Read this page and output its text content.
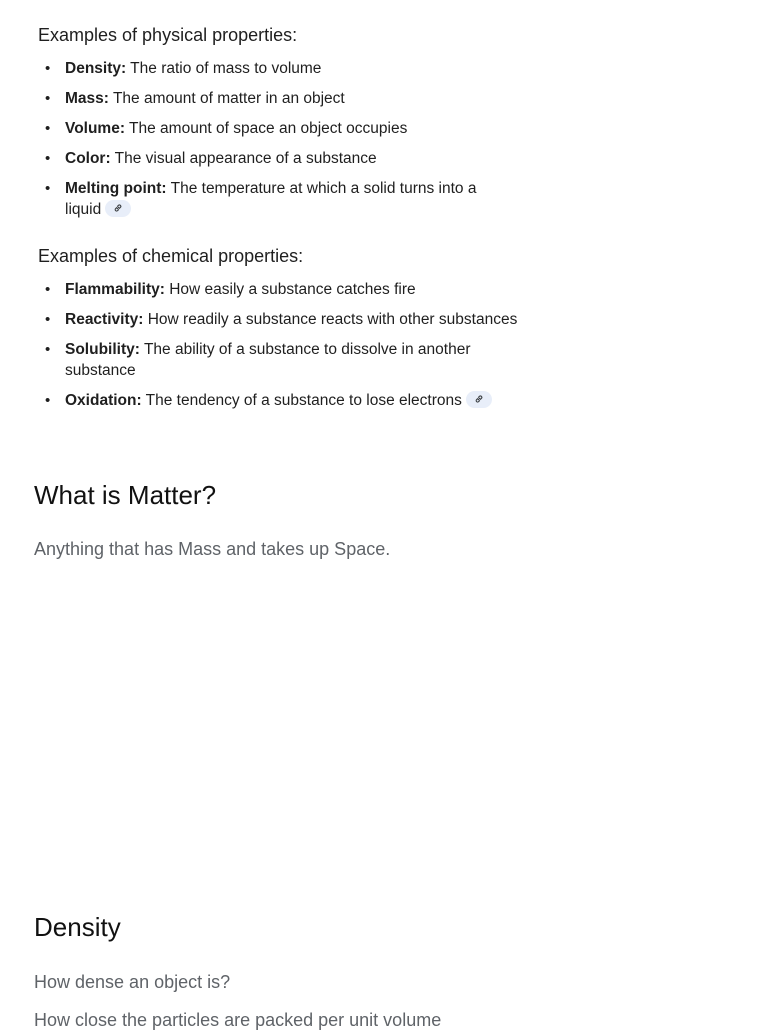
Examples of physical properties:
• Density: The ratio of mass to volume
• Mass: The amount of matter in an object
• Volume: The amount of space an object occupies
• Color: The visual appearance of a substance
• Melting point: The temperature at which a solid turns into a liquid
Examples of chemical properties:
• Flammability: How easily a substance catches fire
• Reactivity: How readily a substance reacts with other substances
• Solubility: The ability of a substance to dissolve in another substance
• Oxidation: The tendency of a substance to lose electrons
What is Matter?

Anything that has Mass and takes up Space.

Density

How dense an object is?

How close the particles are packed per unit volume
